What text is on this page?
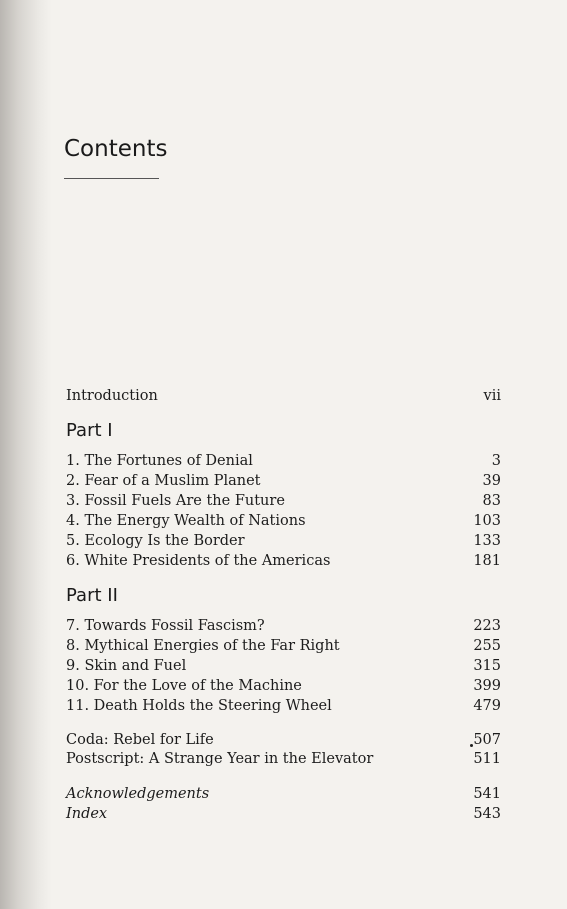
Contents
Introduction	vii
Part I
1. The Fortunes of Denial	3
2. Fear of a Muslim Planet	39
3. Fossil Fuels Are the Future	83
4. The Energy Wealth of Nations	103
5. Ecology Is the Border	133
6. White Presidents of the Americas	181
Part II
7. Towards Fossil Fascism?	223
8. Mythical Energies of the Far Right	255
9. Skin and Fuel	315
10. For the Love of the Machine	399
11. Death Holds the Steering Wheel	479
Coda: Rebel for Life	507
Postscript: A Strange Year in the Elevator	511
Acknowledgements	541
Index	543
